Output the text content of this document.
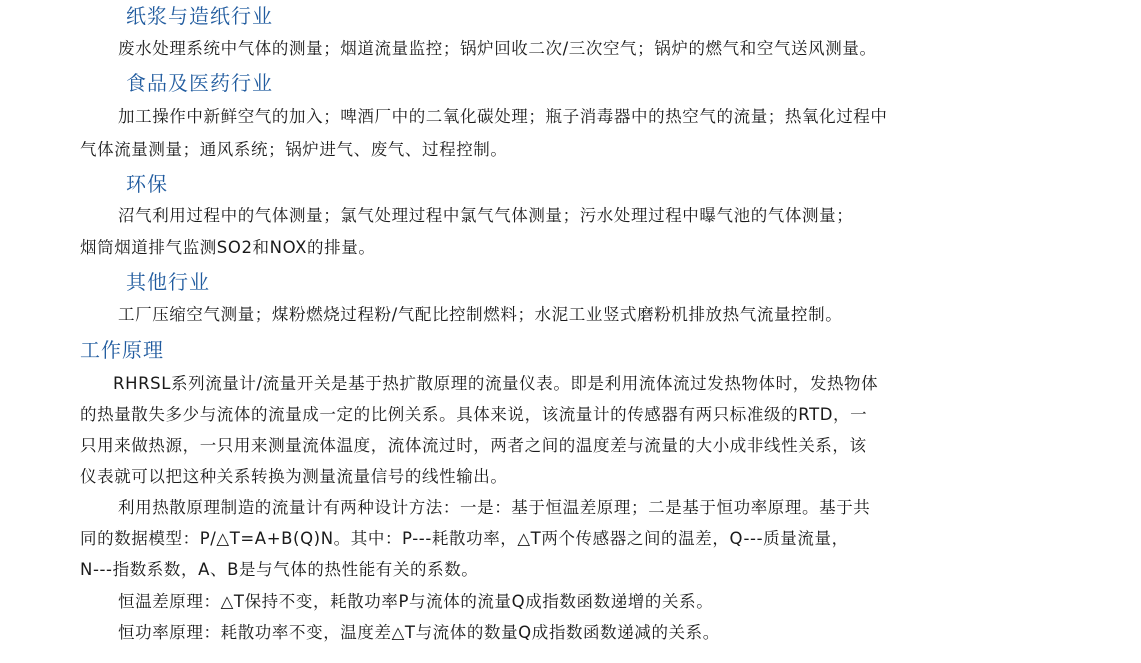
纸浆与造纸行业
废水处理系统中气体的测量；烟道流量监控；锅炉回收二次/三次空气；锅炉的燃气和空气送风测量。
食品及医药行业
加工操作中新鲜空气的加入；啤酒厂中的二氧化碳处理；瓶子消毒器中的热空气的流量；热氧化过程中
气体流量测量；通风系统；锅炉进气、废气、过程控制。
环保
沼气利用过程中的气体测量；氯气处理过程中氯气气体测量；污水处理过程中曝气池的气体测量；
烟筒烟道排气监测SO2和NOX的排量。
其他行业
工厂压缩空气测量；煤粉燃烧过程粉/气配比控制燃料；水泥工业竖式磨粉机排放热气流量控制。
工作原理
RHRSL系列流量计/流量开关是基于热扩散原理的流量仪表。即是利用流体流过发热物体时，发热物体
的热量散失多少与流体的流量成一定的比例关系。具体来说，该流量计的传感器有两只标准级的RTD，一
只用来做热源，一只用来测量流体温度，流体流过时，两者之间的温度差与流量的大小成非线性关系，该
仪表就可以把这种关系转换为测量流量信号的线性输出。
利用热散原理制造的流量计有两种设计方法：一是：基于恒温差原理；二是基于恒功率原理。基于共
同的数据模型：P/△T=A+B(Q)N。其中：P---耗散功率，△T两个传感器之间的温差，Q---质量流量，
N---指数系数，A、B是与气体的热性能有关的系数。
恒温差原理：△T保持不变，耗散功率P与流体的流量Q成指数函数递增的关系。
恒功率原理：耗散功率不变，温度差△T与流体的数量Q成指数函数递减的关系。
